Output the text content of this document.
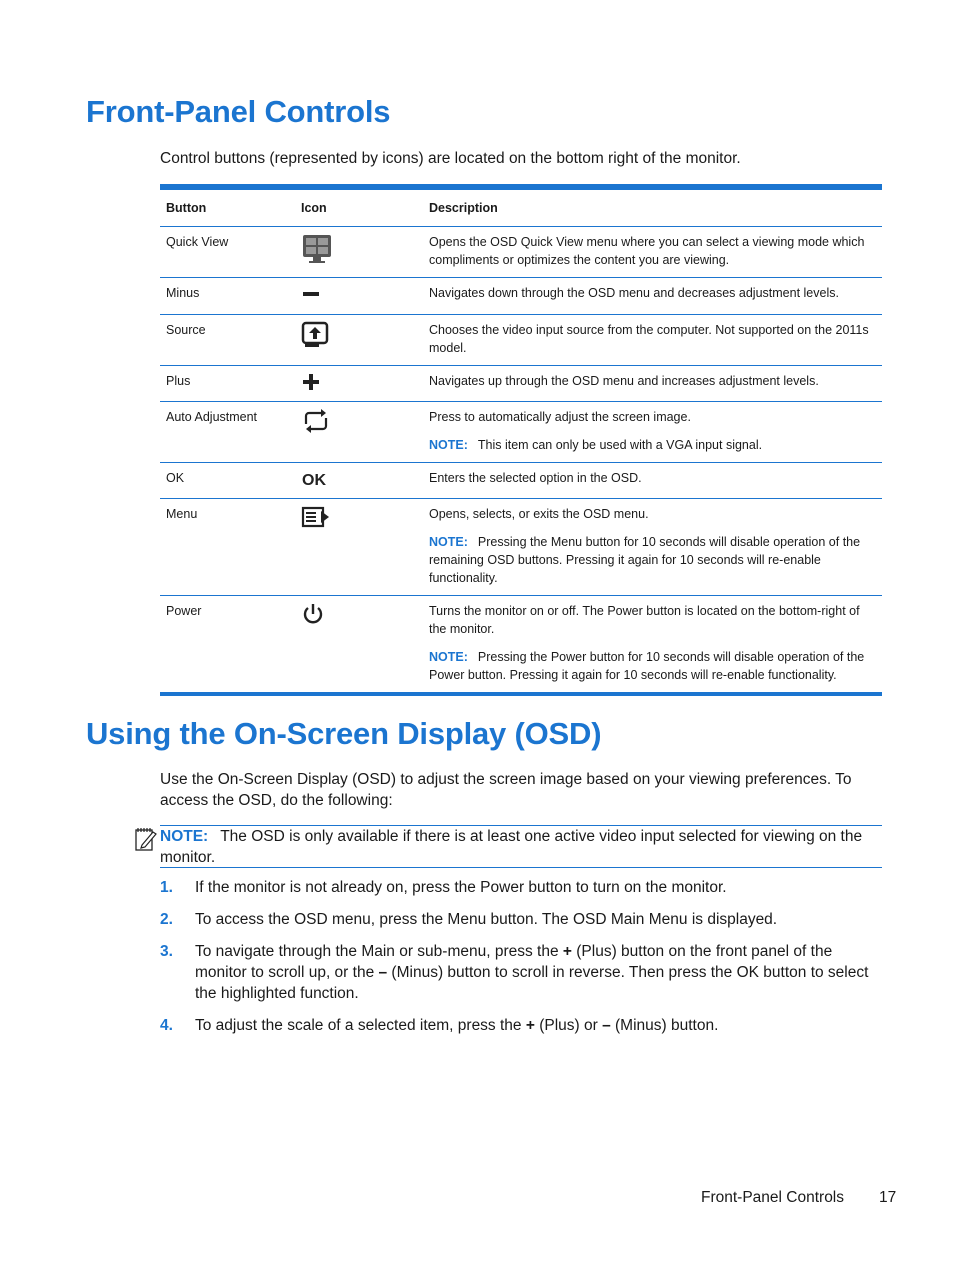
Front-Panel Controls
Control buttons (represented by icons) are located on the bottom right of the monitor.

Button	Icon	Description
Quick View		Opens the OSD Quick View menu where you can select a viewing mode which compliments or optimizes the content you are viewing.
Minus		Navigates down through the OSD menu and decreases adjustment levels.
Source		Chooses the video input source from the computer. Not supported on the 2011s model.
Plus		Navigates up through the OSD menu and increases adjustment levels.
Auto Adjustment		Press to automatically adjust the screen image.
NOTE: This item can only be used with a VGA input signal.

OK	OK	Enters the selected option in the OSD.
Menu		Opens, selects, or exits the OSD menu.
NOTE: Pressing the Menu button for 10 seconds will disable operation of the remaining OSD buttons. Pressing it again for 10 seconds will re-enable functionality.

Power		Turns the monitor on or off. The Power button is located on the bottom-right of the monitor.
NOTE: Pressing the Power button for 10 seconds will disable operation of the Power button. Pressing it again for 10 seconds will re-enable functionality.

Using the On-Screen Display (OSD)
Use the On-Screen Display (OSD) to adjust the screen image based on your viewing preferences. To access the OSD, do the following:
NOTE: The OSD is only available if there is at least one active video input selected for viewing on the monitor.
1. If the monitor is not already on, press the Power button to turn on the monitor.
2. To access the OSD menu, press the Menu button. The OSD Main Menu is displayed.
3. To navigate through the Main or sub-menu, press the + (Plus) button on the front panel of the monitor to scroll up, or the – (Minus) button to scroll in reverse. Then press the OK button to select the highlighted function.
4. To adjust the scale of a selected item, press the + (Plus) or – (Minus) button.
Front-Panel Controls 17
